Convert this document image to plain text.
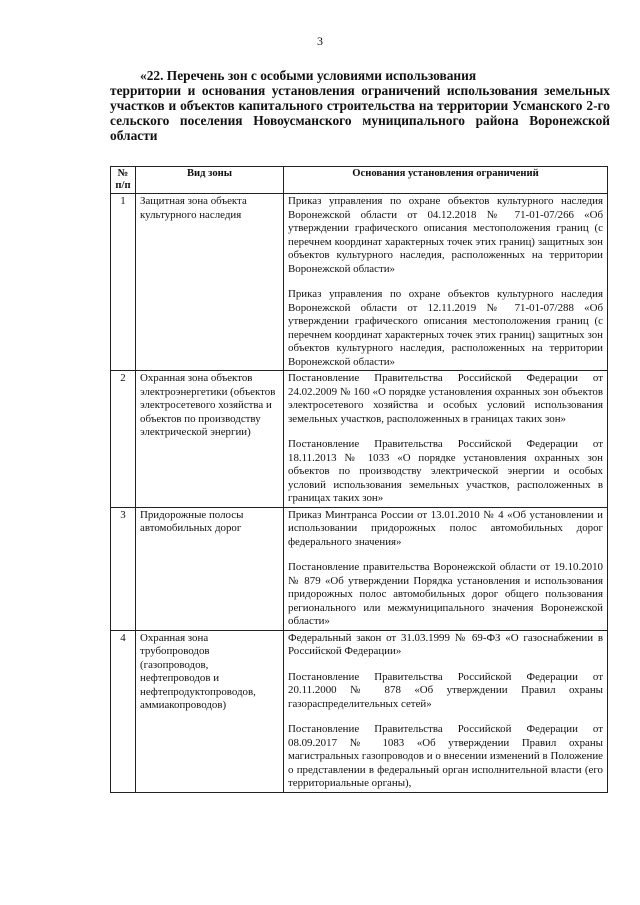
3
«22. Перечень зон с особыми условиями использования
территории и основания установления ограничений использования земельных участков и объектов капитального строительства на территории Усманского 2-го сельского поселения Новоусманского муниципального района Воронежской области
№ п/п	Вид зоны	Основания установления ограничений
1	Защитная зона объекта культурного наследия	Приказ управления по охране объектов культурного наследия Воронежской области от 04.12.2018 № 71-01-07/266 «Об утверждении графического описания местоположения границ (с перечнем координат характерных точек этих границ) защитных зон объектов культурного наследия, расположенных на территории Воронежской области»

Приказ управления по охране объектов культурного наследия Воронежской области от 12.11.2019 № 71-01-07/288 «Об утверждении графического описания местоположения границ (с перечнем координат характерных точек этих границ) защитных зон объектов культурного наследия, расположенных на территории Воронежской области»

2	Охранная зона объектов электроэнергетики (объектов электросетевого хозяйства и объектов по производству электрической энергии)	Постановление Правительства Российской Федерации от 24.02.2009 № 160 «О порядке установления охранных зон объектов электросетевого хозяйства и особых условий использования земельных участков, расположенных в границах таких зон»

Постановление Правительства Российской Федерации от 18.11.2013 № 1033 «О порядке установления охранных зон объектов по производству электрической энергии и особых условий использования земельных участков, расположенных в границах таких зон»

3	Придорожные полосы автомобильных дорог	Приказ Минтранса России от 13.01.2010 № 4 «Об установлении и использовании придорожных полос автомобильных дорог федерального значения»

Постановление правительства Воронежской области от 19.10.2010 № 879 «Об утверждении Порядка установления и использования придорожных полос автомобильных дорог общего пользования регионального или межмуниципального значения Воронежской области»

4	Охранная зона трубопроводов (газопроводов, нефтепроводов и нефтепродуктопроводов, аммиакопроводов)	Федеральный закон от 31.03.1999 № 69-ФЗ «О газоснабжении в Российской Федерации»

Постановление Правительства Российской Федерации от 20.11.2000 № 878 «Об утверждении Правил охраны газораспределительных сетей»

Постановление Правительства Российской Федерации от 08.09.2017 № 1083 «Об утверждении Правил охраны магистральных газопроводов и о внесении изменений в Положение о представлении в федеральный орган исполнительной власти (его территориальные органы),
